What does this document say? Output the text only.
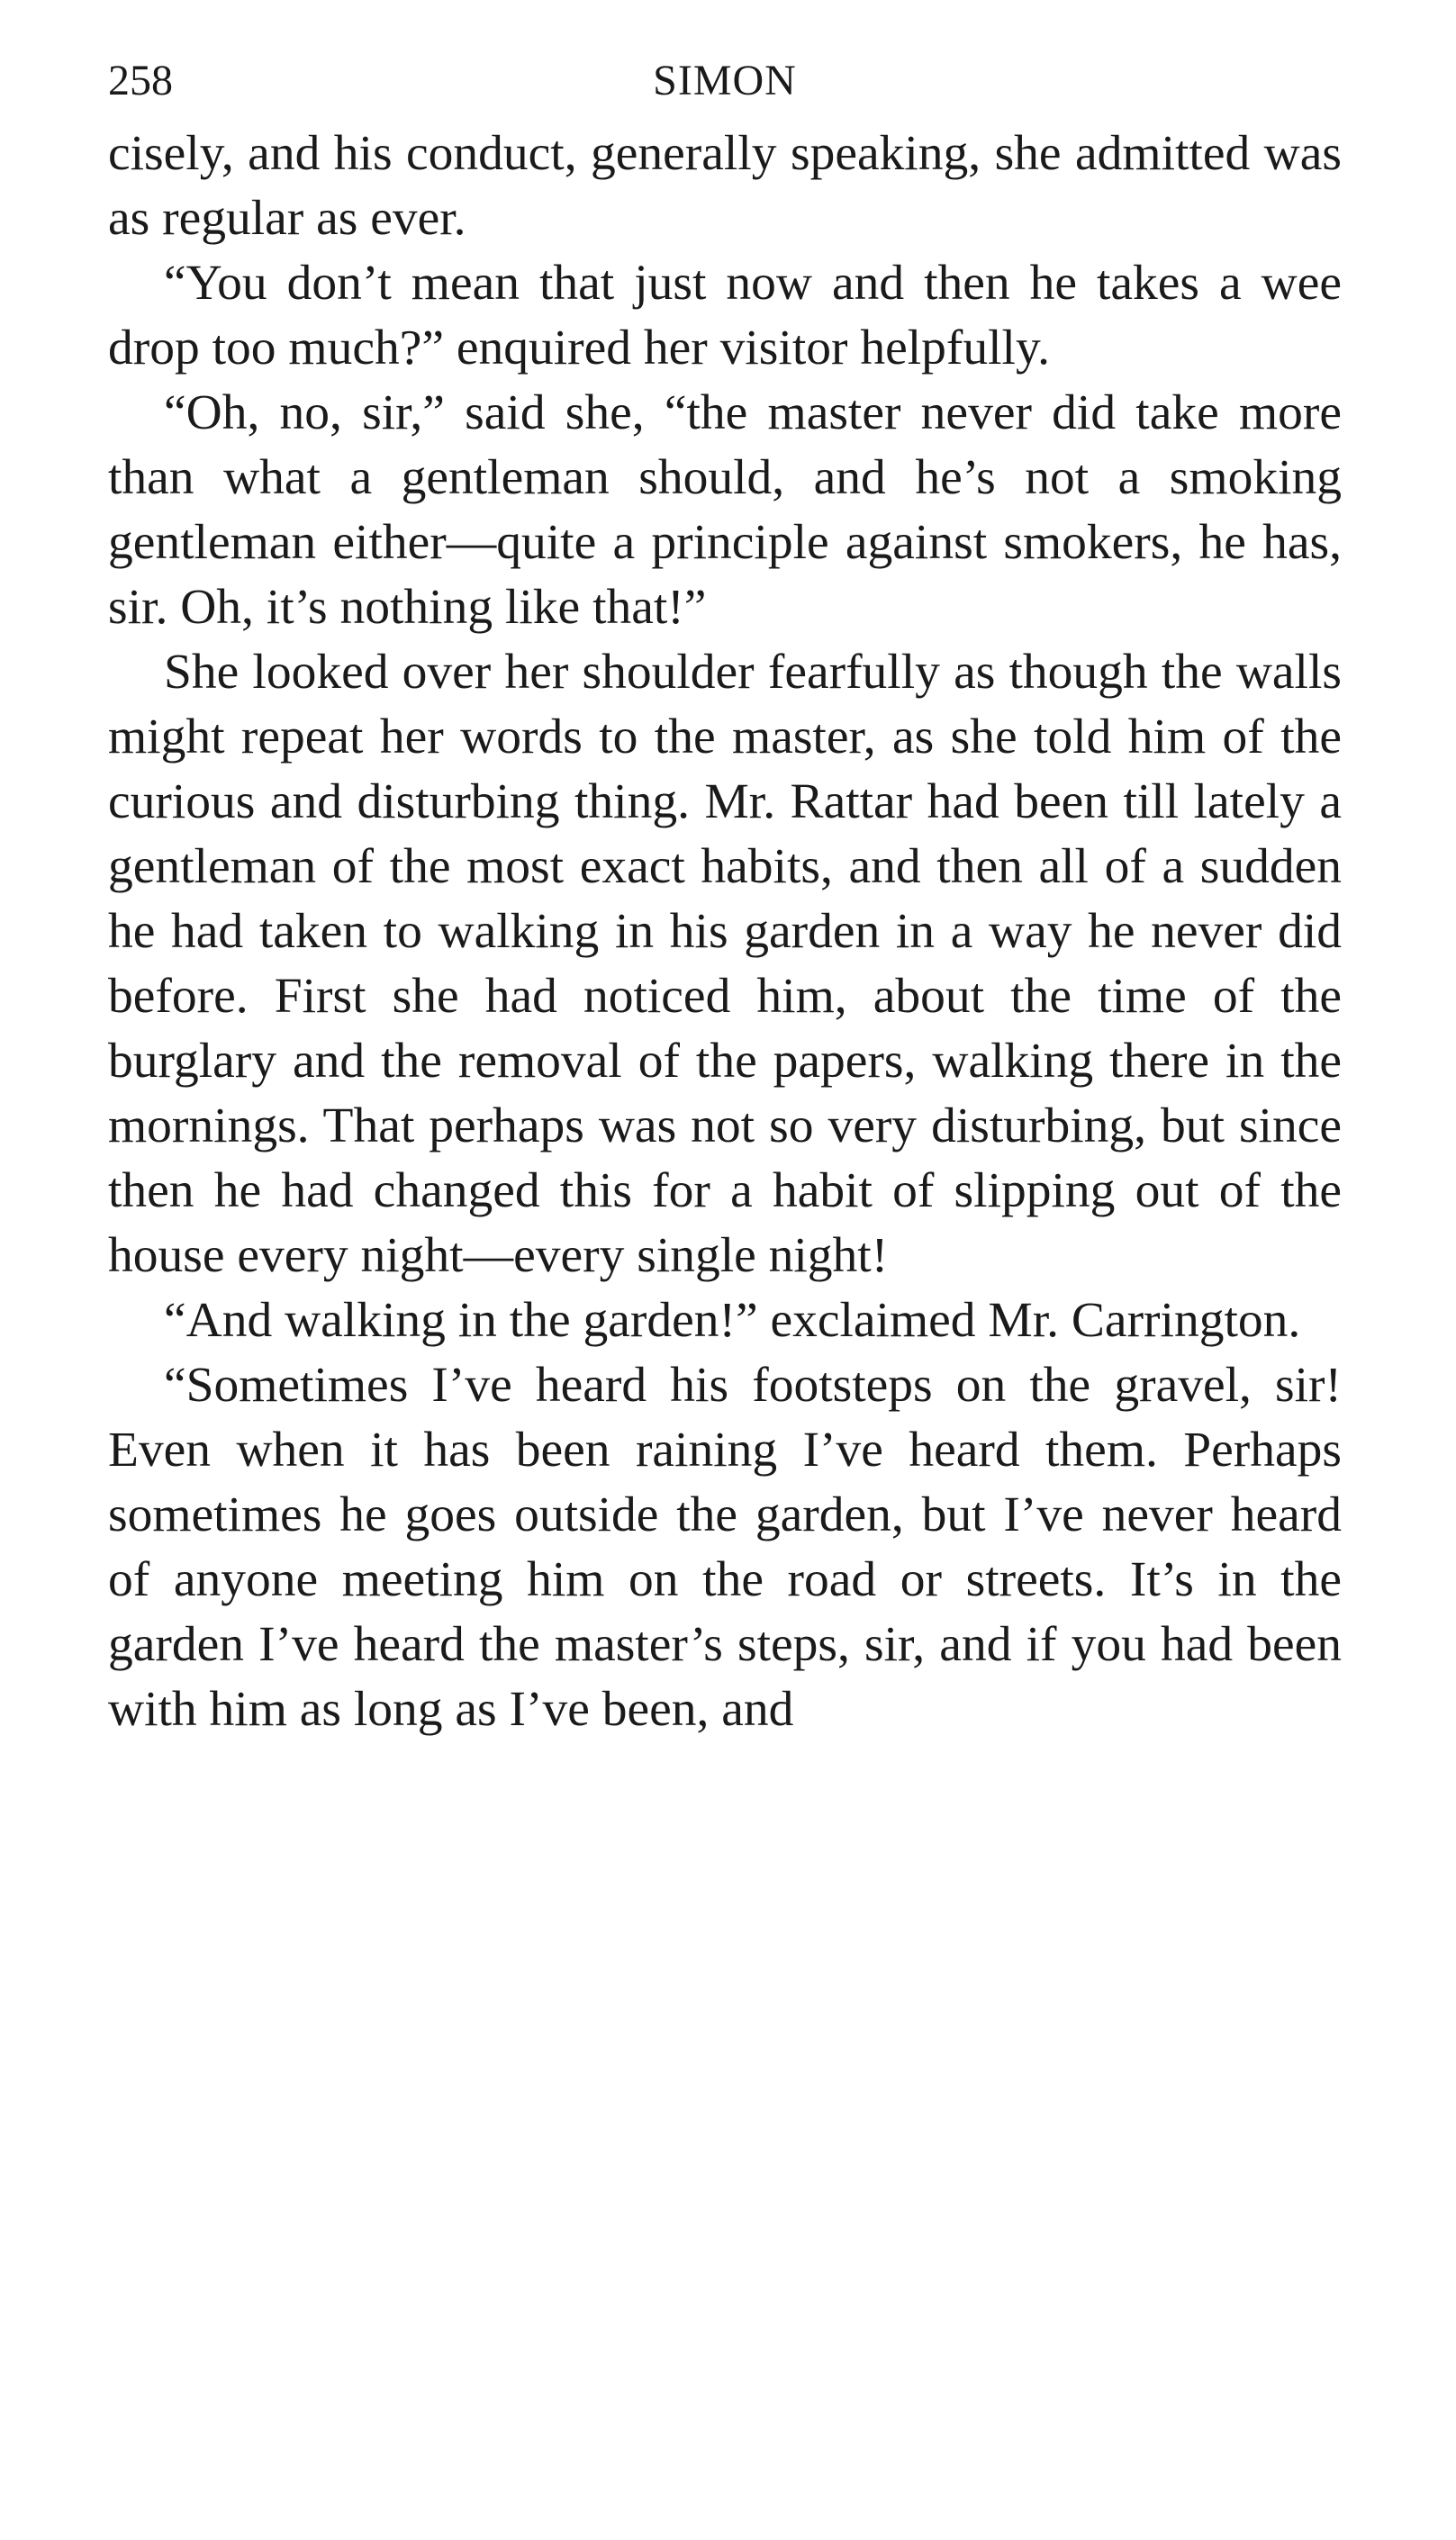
258	SIMON

cisely, and his conduct, generally speaking, she admitted was as regular as ever.

“You don’t mean that just now and then he takes a wee drop too much?” enquired her visitor helpfully.

“Oh, no, sir,” said she, “the master never did take more than what a gentleman should, and he’s not a smoking gentleman either—quite a principle against smokers, he has, sir. Oh, it’s nothing like that!”

She looked over her shoulder fearfully as though the walls might repeat her words to the master, as she told him of the curious and disturbing thing. Mr. Rattar had been till lately a gentleman of the most exact habits, and then all of a sudden he had taken to walking in his garden in a way he never did before. First she had noticed him, about the time of the burglary and the removal of the papers, walking there in the mornings. That perhaps was not so very disturbing, but since then he had changed this for a habit of slipping out of the house every night—every single night!

“And walking in the garden!” exclaimed Mr. Carrington.

“Sometimes I’ve heard his footsteps on the gravel, sir! Even when it has been raining I’ve heard them. Perhaps sometimes he goes outside the garden, but I’ve never heard of anyone meeting him on the road or streets. It’s in the garden I’ve heard the master’s steps, sir, and if you had been with him as long as I’ve been, and
